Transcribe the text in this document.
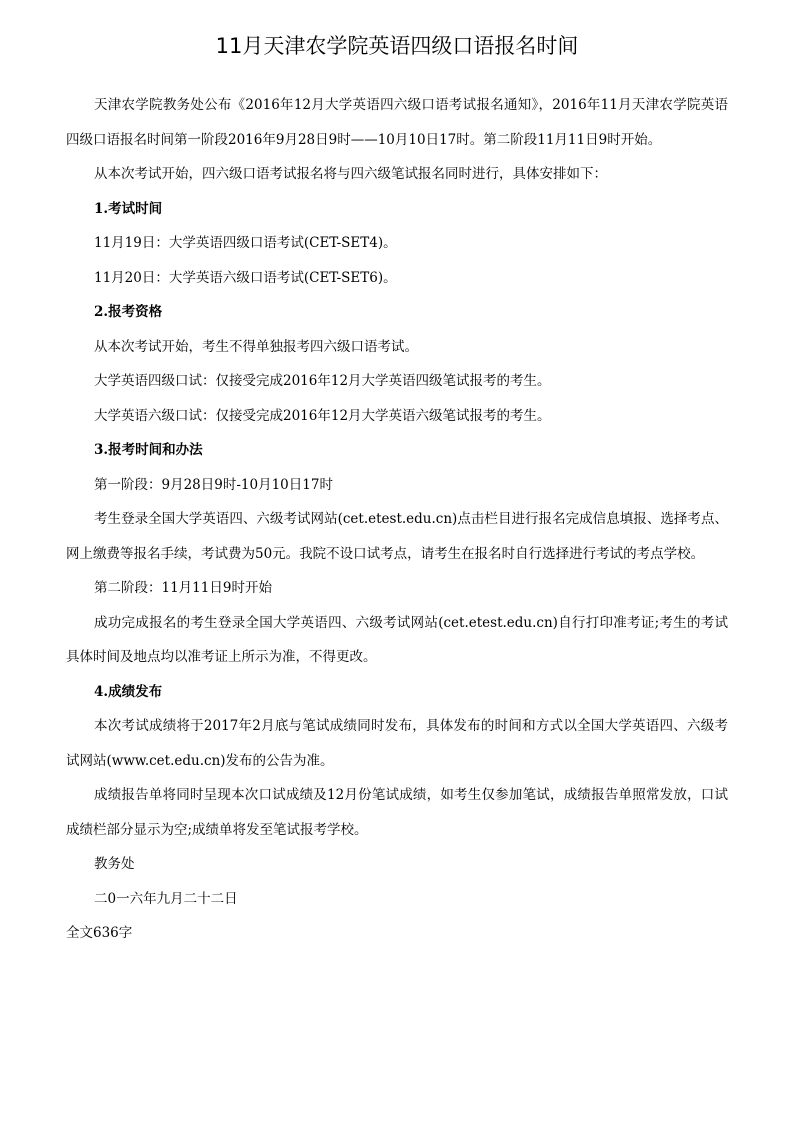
11月天津农学院英语四级口语报名时间

天津农学院教务处公布《2016年12月大学英语四六级口语考试报名通知》，2016年11月天津农学院英语四级口语报名时间第一阶段2016年9月28日9时——10月10日17时。第二阶段11月11日9时开始。

从本次考试开始，四六级口语考试报名将与四六级笔试报名同时进行，具体安排如下：

1.考试时间

11月19日：大学英语四级口语考试(CET-SET4)。

11月20日：大学英语六级口语考试(CET-SET6)。

2.报考资格

从本次考试开始，考生不得单独报考四六级口语考试。

大学英语四级口试：仅接受完成2016年12月大学英语四级笔试报考的考生。

大学英语六级口试：仅接受完成2016年12月大学英语六级笔试报考的考生。

3.报考时间和办法

第一阶段：9月28日9时-10月10日17时

考生登录全国大学英语四、六级考试网站(cet.etest.edu.cn)点击栏目进行报名完成信息填报、选择考点、网上缴费等报名手续，考试费为50元。我院不设口试考点，请考生在报名时自行选择进行考试的考点学校。

第二阶段：11月11日9时开始

成功完成报名的考生登录全国大学英语四、六级考试网站(cet.etest.edu.cn)自行打印准考证;考生的考试具体时间及地点均以准考证上所示为准，不得更改。

4.成绩发布

本次考试成绩将于2017年2月底与笔试成绩同时发布，具体发布的时间和方式以全国大学英语四、六级考试网站(www.cet.edu.cn)发布的公告为准。

成绩报告单将同时呈现本次口试成绩及12月份笔试成绩，如考生仅参加笔试，成绩报告单照常发放，口试成绩栏部分显示为空;成绩单将发至笔试报考学校。

教务处

二0一六年九月二十二日

全文636字
